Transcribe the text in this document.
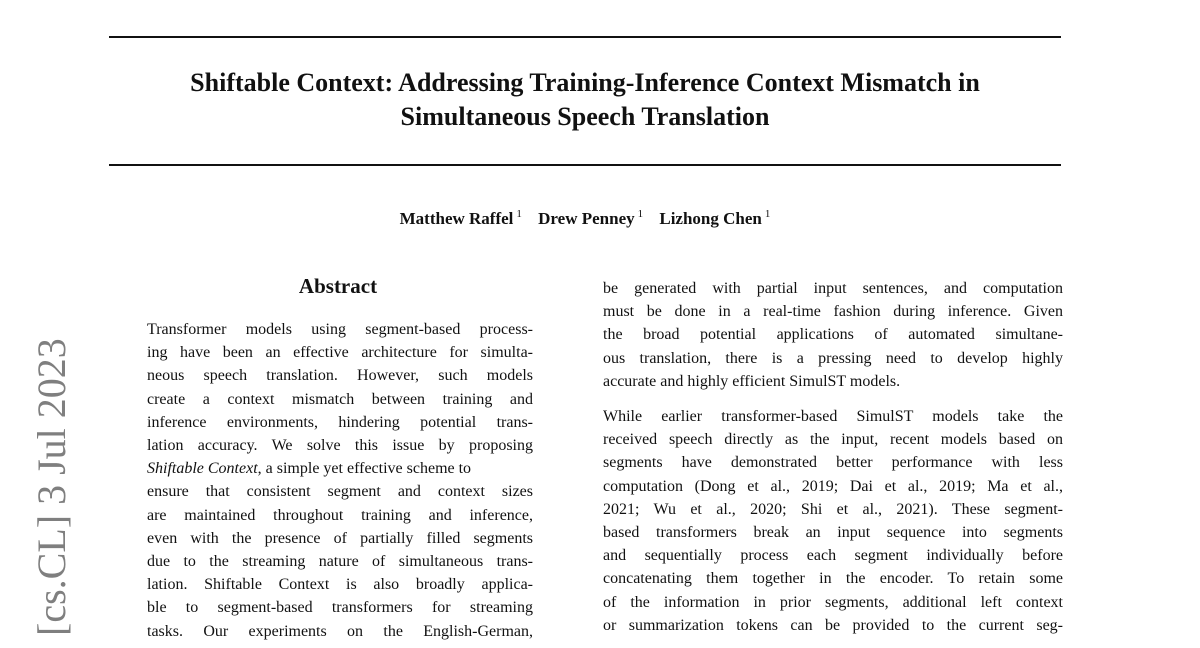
Shiftable Context: Addressing Training-Inference Context Mismatch in
Simultaneous Speech Translation
Matthew Raffel $^1$ Drew Penney $^1$ Lizhong Chen $^1$
[cs.CL] 3 Jul 2023
Abstract
Transformer models using segment-based process-
ing have been an effective architecture for simulta-
neous speech translation. However, such models
create a context mismatch between training and
inference environments, hindering potential trans-
lation accuracy. We solve this issue by proposing
Shiftable Context, a simple yet effective scheme to
ensure that consistent segment and context sizes
are maintained throughout training and inference,
even with the presence of partially filled segments
due to the streaming nature of simultaneous trans-
lation. Shiftable Context is also broadly applica-
ble to segment-based transformers for streaming
tasks. Our experiments on the English-German,
be generated with partial input sentences, and computation
must be done in a real-time fashion during inference. Given
the broad potential applications of automated simultane-
ous translation, there is a pressing need to develop highly
accurate and highly efficient SimulST models.
While earlier transformer-based SimulST models take the
received speech directly as the input, recent models based on
segments have demonstrated better performance with less
computation (Dong et al., 2019; Dai et al., 2019; Ma et al.,
2021; Wu et al., 2020; Shi et al., 2021). These segment-
based transformers break an input sequence into segments
and sequentially process each segment individually before
concatenating them together in the encoder. To retain some
of the information in prior segments, additional left context
or summarization tokens can be provided to the current seg-
